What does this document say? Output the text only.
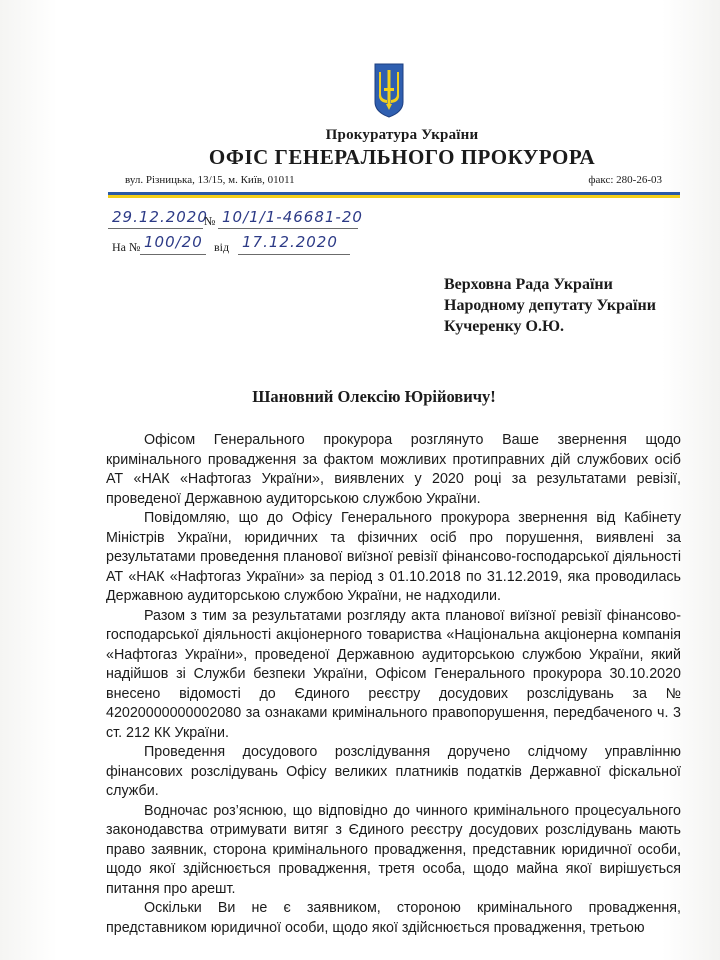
Прокуратура України
ОФІС ГЕНЕРАЛЬНОГО ПРОКУРОРА
вул. Різницька, 13/15, м. Київ, 01011	факс: 280-26-03
29.12.2020
№ 10/1/1-46681-20
На № 100/20 від 17.12.2020
Верховна Рада України
Народному депутату України
Кучеренку О.Ю.
Шановний Олексію Юрійовичу!

Офісом Генерального прокурора розглянуто Ваше звернення щодо кримінального провадження за фактом можливих протиправних дій службових осіб АТ «НАК «Нафтогаз України», виявлених у 2020 році за результатами ревізії, проведеної Державною аудиторською службою України.

Повідомляю, що до Офісу Генерального прокурора звернення від Кабінету Міністрів України, юридичних та фізичних осіб про порушення, виявлені за результатами проведення планової виїзної ревізії фінансово-господарської діяльності АТ «НАК «Нафтогаз України» за період з 01.10.2018 по 31.12.2019, яка проводилась Державною аудиторською службою України, не надходили.

Разом з тим за результатами розгляду акта планової виїзної ревізії фінансово-господарської діяльності акціонерного товариства «Національна акціонерна компанія «Нафтогаз України», проведеної Державною аудиторською службою України, який надійшов зі Служби безпеки України, Офісом Генерального прокурора 30.10.2020 внесено відомості до Єдиного реєстру досудових розслідувань за № 42020000000002080 за ознаками кримінального правопорушення, передбаченого ч. 3 ст. 212 КК України.

Проведення досудового розслідування доручено слідчому управлінню фінансових розслідувань Офісу великих платників податків Державної фіскальної служби.

Водночас роз’яснюю, що відповідно до чинного кримінального процесуального законодавства отримувати витяг з Єдиного реєстру досудових розслідувань мають право заявник, сторона кримінального провадження, представник юридичної особи, щодо якої здійснюється провадження, третя особа, щодо майна якої вирішується питання про арешт.

Оскільки Ви не є заявником, стороною кримінального провадження, представником юридичної особи, щодо якої здійснюється провадження, третьою
